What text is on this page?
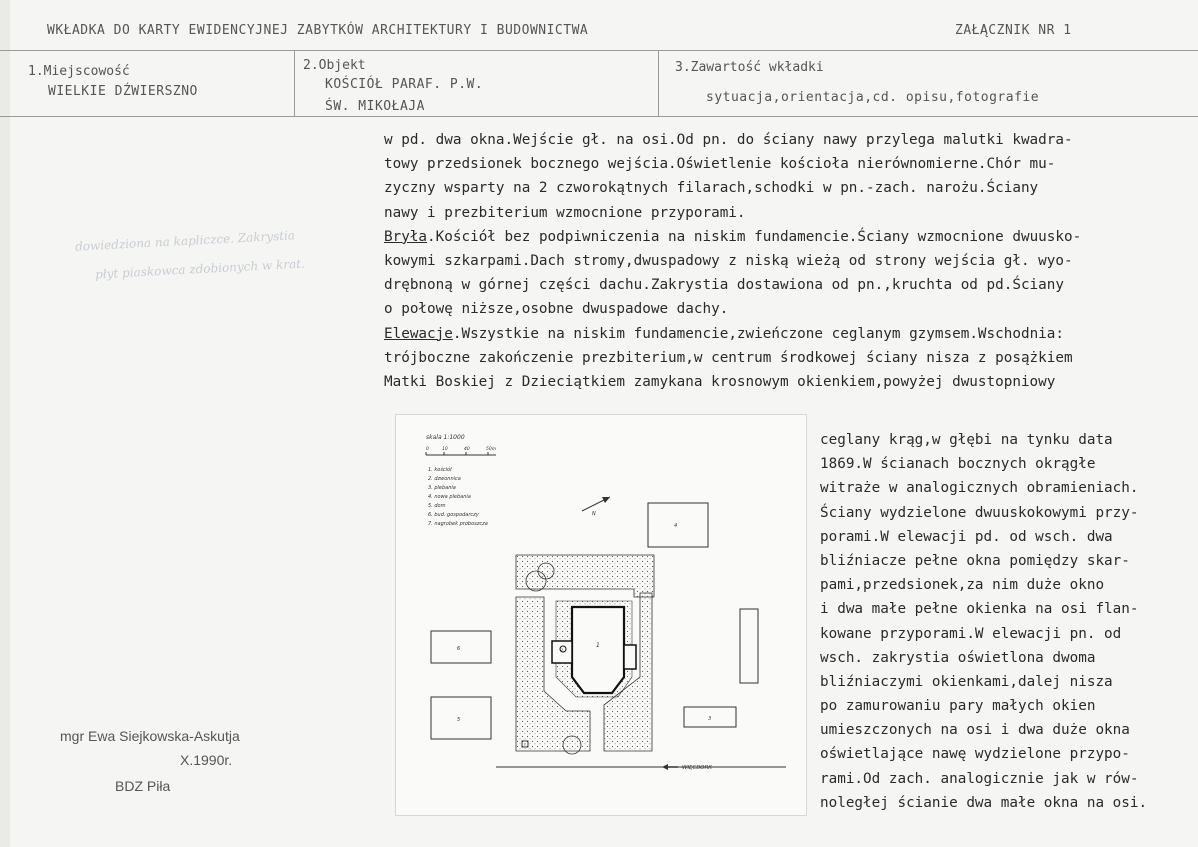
WKŁADKA DO KARTY EWIDENCYJNEJ ZABYTKÓW ARCHITEKTURY I BUDOWNICTWA	ZAŁĄCZNIK NR 1
1.Miejscowość
WIELKIE DŹWIERSZNO
2.Objekt
KOŚCIÓŁ PARAF. P.W.
ŚW. MIKOŁAJA
3.Zawartość wkładki
sytuacja,orientacja,cd. opisu,fotografie
dowiedziona na kapliczce. Zakrystia
płyt piaskowca zdobionych w krat.
w pd. dwa okna.Wejście gł. na osi.Od pn. do ściany nawy przylega malutki kwadra-
towy przedsionek bocznego wejścia.Oświetlenie kościoła nierównomierne.Chór mu-
zyczny wsparty na 2 czworokątnych filarach,schodki w pn.-zach. narożu.Ściany
nawy i prezbiterium wzmocnione przyporami.
Bryła.Kościół bez podpiwniczenia na niskim fundamencie.Ściany wzmocnione dwuusko-
kowymi szkarpami.Dach stromy,dwuspadowy z niską wieżą od strony wejścia gł. wyo-
drębnoną w górnej części dachu.Zakrystia dostawiona od pn.,kruchta od pd.Ściany
o połowę niższe,osobne dwuspadowe dachy.
Elewacje.Wszystkie na niskim fundamencie,zwieńczone ceglanym gzymsem.Wschodnia:
trójboczne zakończenie prezbiterium,w centrum środkowej ściany nisza z posążkiem
Matki Boskiej z Dzieciątkiem zamykana krosnowym okienkiem,powyżej dwustopniowy
ceglany krąg,w głębi na tynku data
1869.W ścianach bocznych okrągłe
witraże w analogicznych obramieniach.
Ściany wydzielone dwuuskokowymi przy-
porami.W elewacji pd. od wsch. dwa
bliźniacze pełne okna pomiędzy skar-
pami,przedsionek,za nim duże okno
i dwa małe pełne okienka na osi flan-
kowane przyporami.W elewacji pn. od
wsch. zakrystia oświetlona dwoma
bliźniaczymi okienkami,dalej nisza
po zamurowaniu pary małych okien
umieszczonych na osi i dwa duże okna
oświetlające nawę wydzielone przypo-
rami.Od zach. analogicznie jak w rów-
noległej ścianie dwa małe okna na osi.
mgr Ewa Siejkowska-Askutja
X.1990r.
BDZ Piła
skala 1:1000
0	10	40	50m
1. kościół
2. dzwonnica
3. plebania
4. nowa plebania
5. dom
6. bud. gospodarczy
7. nagrobek proboszcza
N
4
1
2
7
6
5	3
WIĘCBORK
